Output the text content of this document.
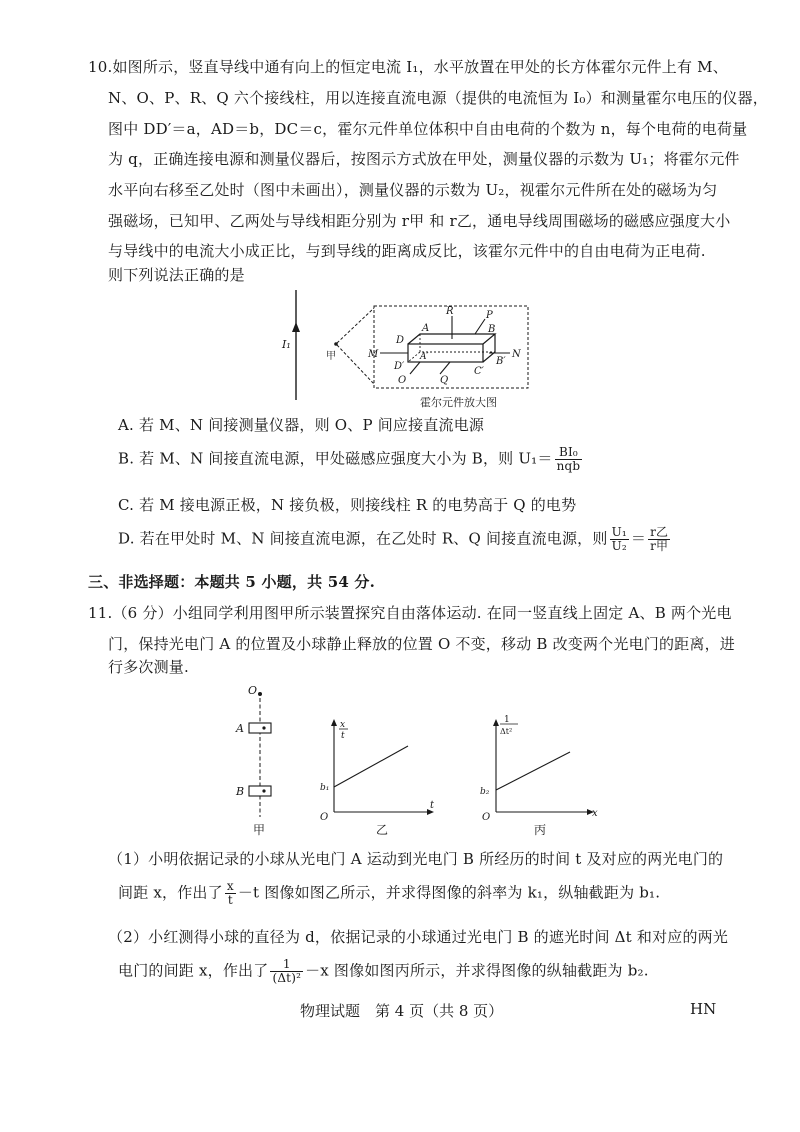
10.如图所示，竖直导线中通有向上的恒定电流 I₁，水平放置在甲处的长方体霍尔元件上有 M、
N、O、P、R、Q 六个接线柱，用以连接直流电源（提供的电流恒为 I₀）和测量霍尔电压的仪器，
图中 DD′＝a，AD＝b，DC＝c，霍尔元件单位体积中自由电荷的个数为 n，每个电荷的电荷量
为 q，正确连接电源和测量仪器后，按图示方式放在甲处，测量仪器的示数为 U₁；将霍尔元件
水平向右移至乙处时（图中未画出），测量仪器的示数为 U₂，视霍尔元件所在处的磁场为匀
强磁场，已知甲、乙两处与导线相距分别为 r甲 和 r乙，通电导线周围磁场的磁感应强度大小
与导线中的电流大小成正比，与到导线的距离成反比，该霍尔元件中的自由电荷为正电荷.
则下列说法正确的是
I₁
甲
R	P
A	B
D
M	N
A′
D′
O	Q
C′
B′
霍尔元件放大图
A. 若 M、N 间接测量仪器，则 O、P 间应接直流电源
B. 若 M、N 间接直流电源，甲处磁感应强度大小为 B，则 $U_1= \frac{\text{BI₀}}{\text{nqb}}$
C. 若 M 接电源正极，N 接负极，则接线柱 R 的电势高于 Q 的电势
D. 若在甲处时 M、N 间接直流电源，在乙处时 R、Q 间接直流电源，则 $\frac{\text{U₁}}{\text{U₂}} = \frac{\text{r乙}}{\text{r甲}}$
三、非选择题：本题共 5 小题，共 54 分.
11.（6 分）小组同学利用图甲所示装置探究自由落体运动. 在同一竖直线上固定 A、B 两个光电
门，保持光电门 A 的位置及小球静止释放的位置 O 不变，移动 B 改变两个光电门的距离，进
行多次测量.
O
A
B
甲
x
t
t
O
b₁
乙
1
Δt²
x
O
b₂
丙
（1）小明依据记录的小球从光电门 A 运动到光电门 B 所经历的时间 t 及对应的两光电门的
间距 x，作出了 $\frac{x}{t} -t$ 图像如图乙所示，并求得图像的斜率为 k₁，纵轴截距为 b₁.
（2）小红测得小球的直径为 d，依据记录的小球通过光电门 B 的遮光时间 Δt 和对应的两光
电门的间距 x，作出了 $\frac{1}{\text{(Δt)²}} -x$ 图像如图丙所示，并求得图像的纵轴截距为 b₂.
物理试题　第 4 页（共 8 页）	HN
